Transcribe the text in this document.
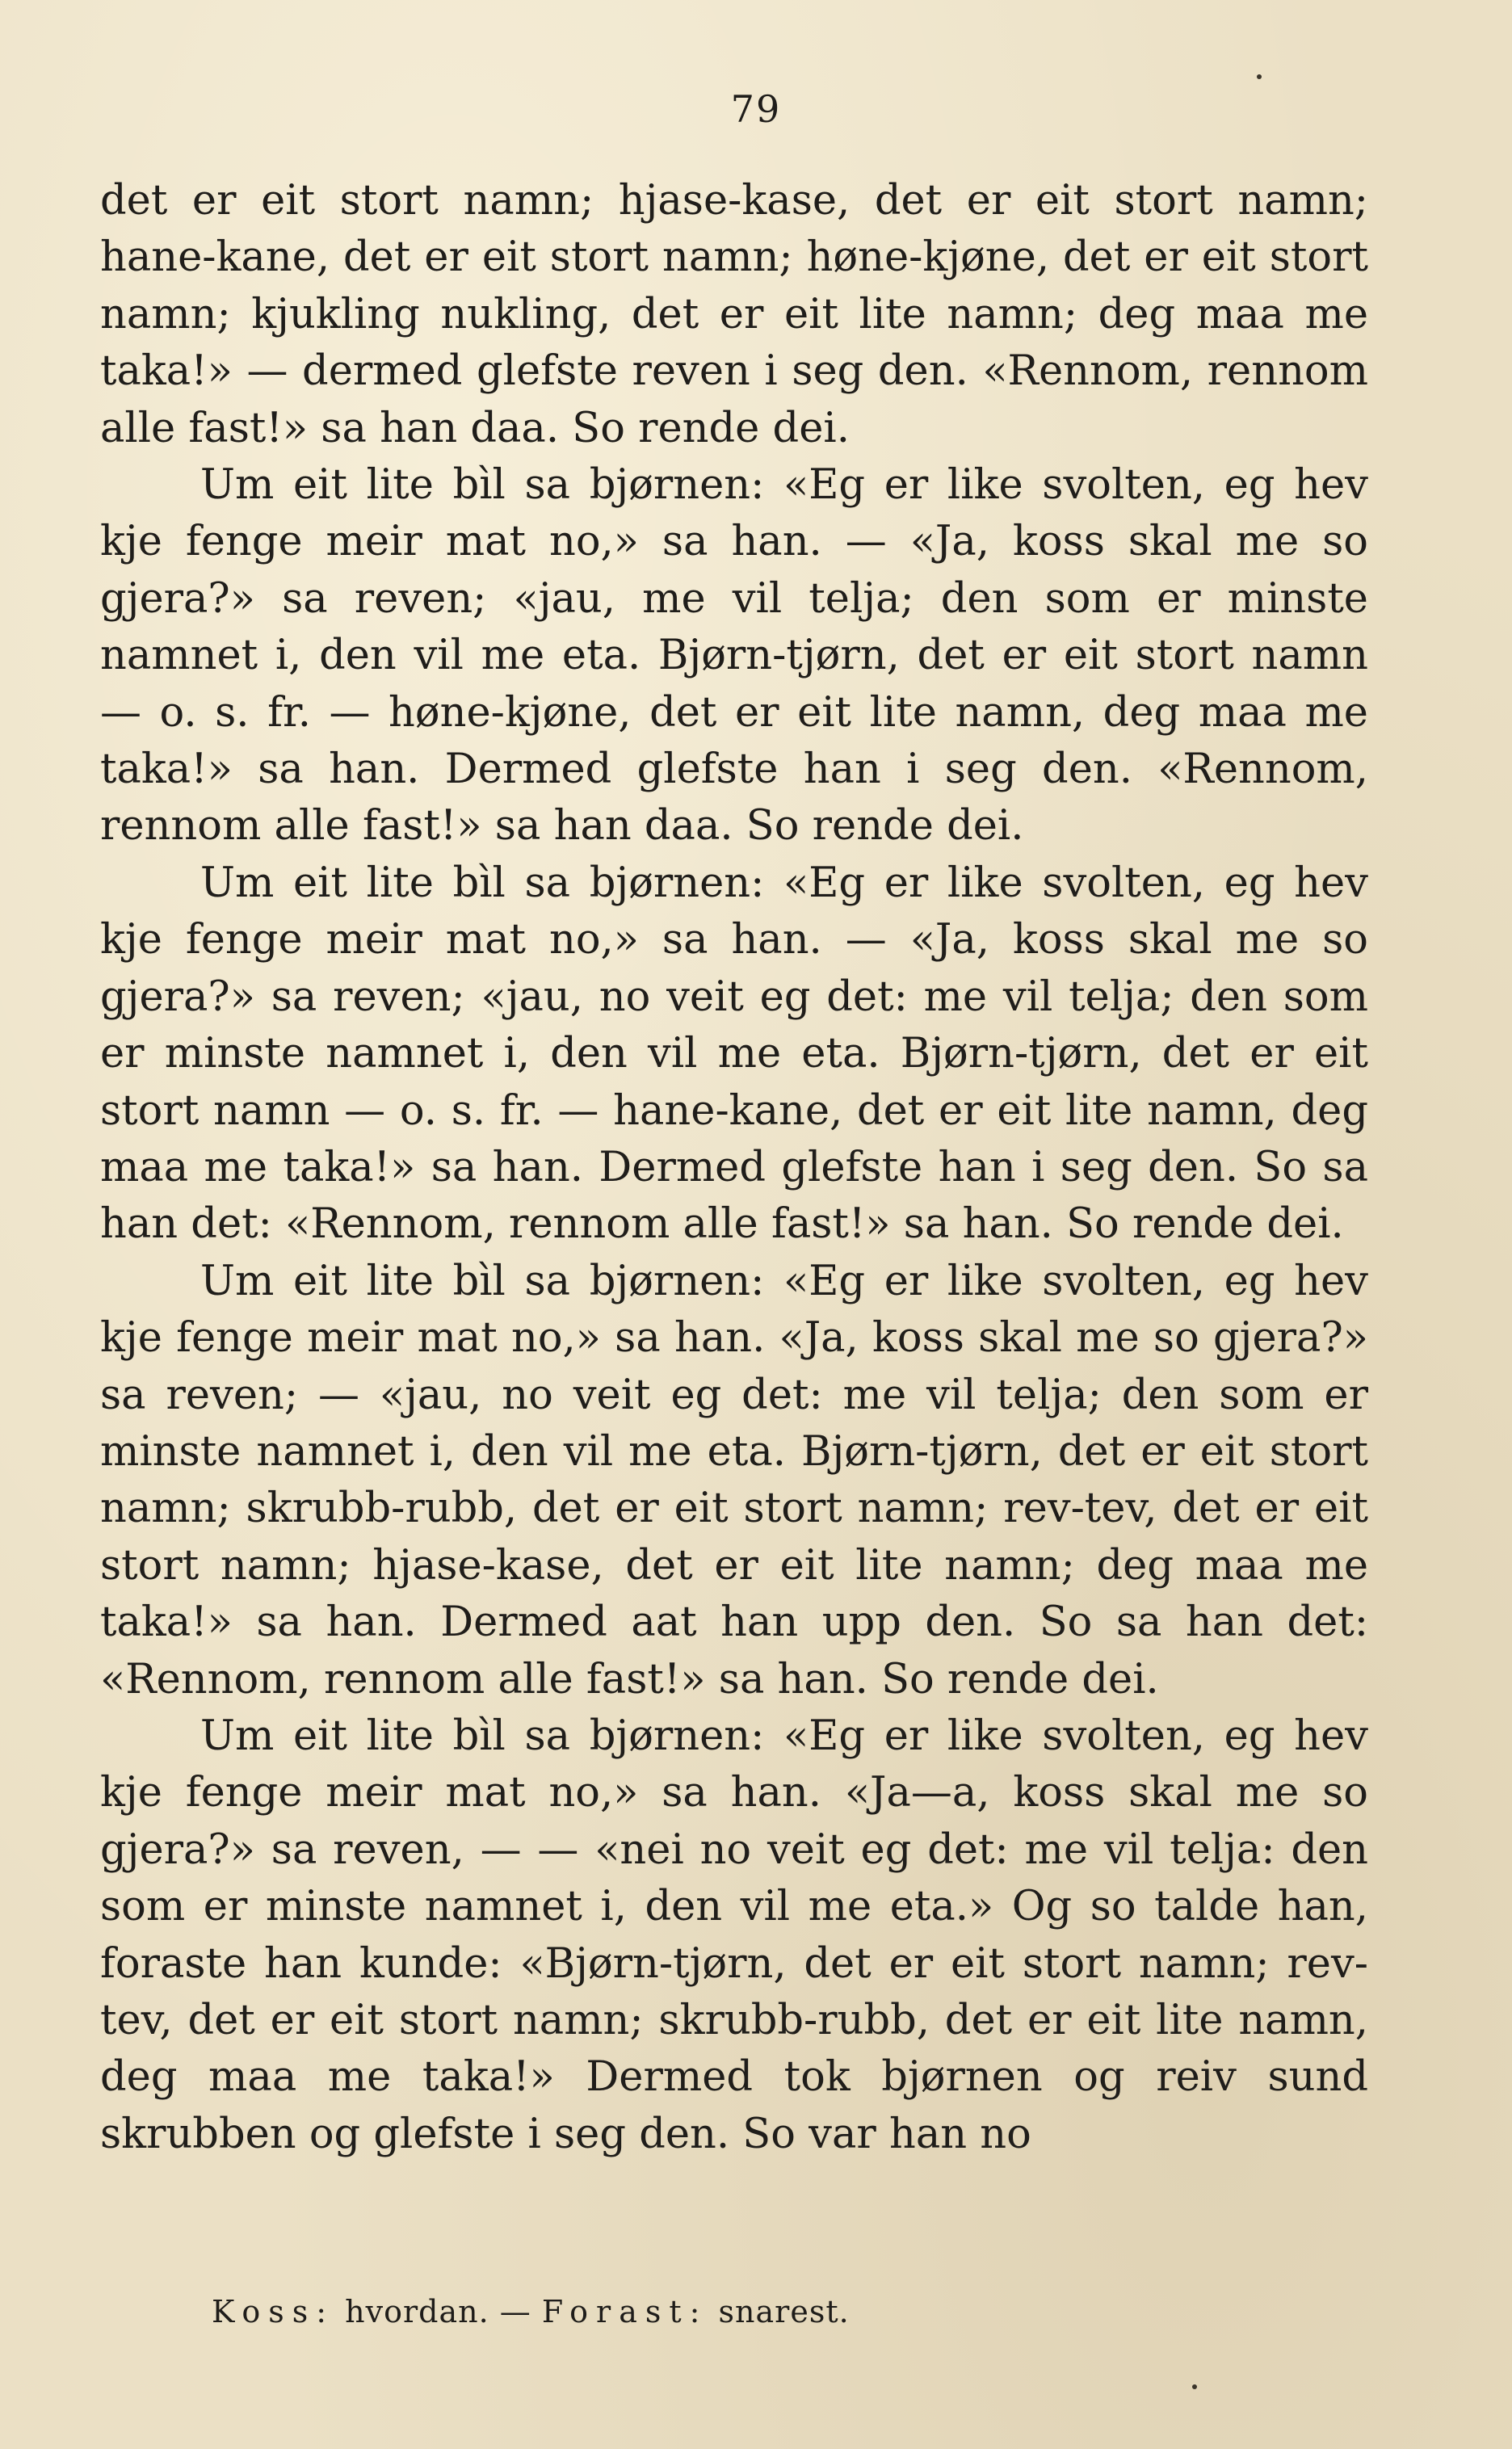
79

det er eit stort namn; hjase-kase, det er eit stort namn; hane-kane, det er eit stort namn; høne-kjøne, det er eit stort namn; kjukling nukling, det er eit lite namn; deg maa me taka!» — dermed glefste reven i seg den. «Rennom, rennom alle fast!» sa han daa. So rende dei.

Um eit lite bìl sa bjørnen: «Eg er like svolten, eg hev kje fenge meir mat no,» sa han. — «Ja, koss skal me so gjera?» sa reven; «jau, me vil telja; den som er minste namnet i, den vil me eta. Bjørn-tjørn, det er eit stort namn — o. s. fr. — høne-kjøne, det er eit lite namn, deg maa me taka!» sa han. Dermed glefste han i seg den. «Rennom, rennom alle fast!» sa han daa. So rende dei.

Um eit lite bìl sa bjørnen: «Eg er like svolten, eg hev kje fenge meir mat no,» sa han. — «Ja, koss skal me so gjera?» sa reven; «jau, no veit eg det: me vil telja; den som er minste namnet i, den vil me eta. Bjørn-tjørn, det er eit stort namn — o. s. fr. — hane-kane, det er eit lite namn, deg maa me taka!» sa han. Dermed glefste han i seg den. So sa han det: «Rennom, rennom alle fast!» sa han. So rende dei.

Um eit lite bìl sa bjørnen: «Eg er like svolten, eg hev kje fenge meir mat no,» sa han. «Ja, koss skal me so gjera?» sa reven; — «jau, no veit eg det: me vil telja; den som er minste namnet i, den vil me eta. Bjørn-tjørn, det er eit stort namn; skrubb-rubb, det er eit stort namn; rev-tev, det er eit stort namn; hjase-kase, det er eit lite namn; deg maa me taka!» sa han. Dermed aat han upp den. So sa han det: «Rennom, rennom alle fast!» sa han. So rende dei.

Um eit lite bìl sa bjørnen: «Eg er like svolten, eg hev kje fenge meir mat no,» sa han. «Ja—a, koss skal me so gjera?» sa reven, — — «nei no veit eg det: me vil telja: den som er minste namnet i, den vil me eta.» Og so talde han, foraste han kunde: «Bjørn-tjørn, det er eit stort namn; rev-tev, det er eit stort namn; skrubb-rubb, det er eit lite namn, deg maa me taka!» Dermed tok bjørnen og reiv sund skrubben og glefste i seg den. So var han no

Koss: hvordan. — Forast: snarest.
